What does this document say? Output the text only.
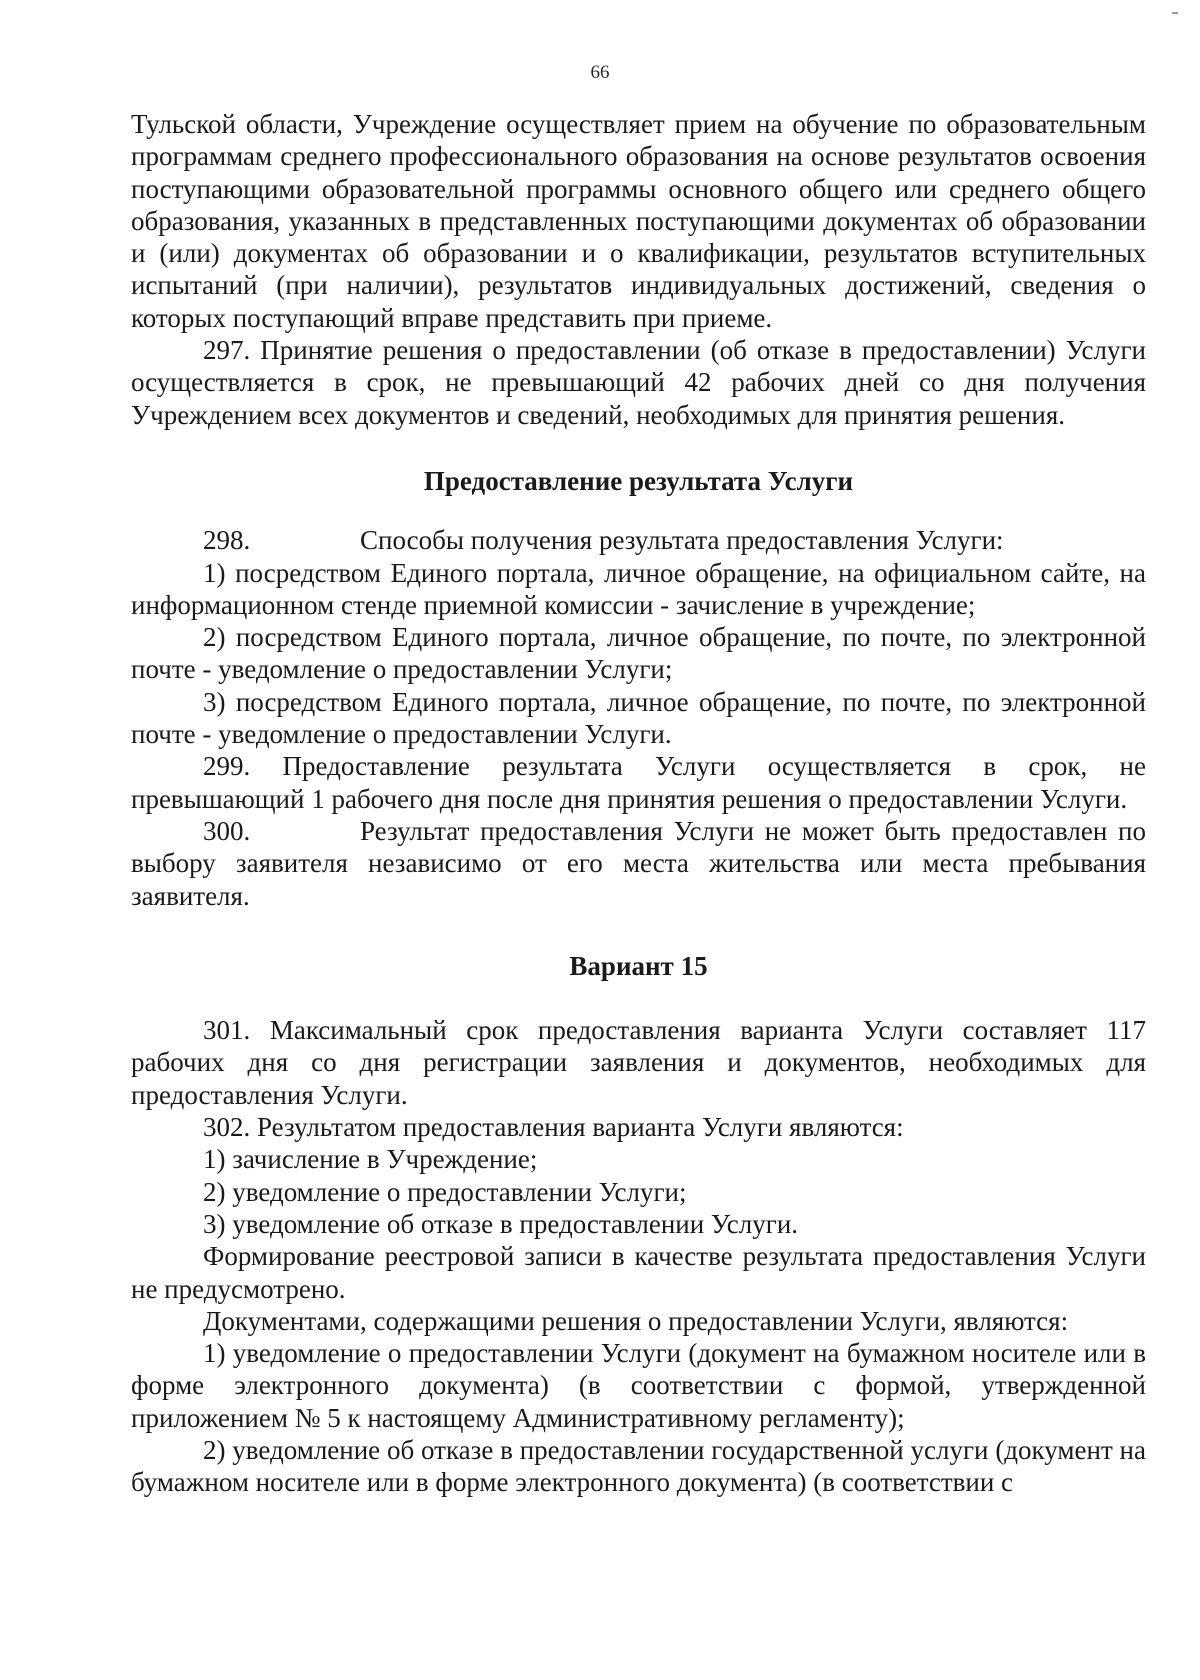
66

Тульской области, Учреждение осуществляет прием на обучение по образовательным программам среднего профессионального образования на основе результатов освоения поступающими образовательной программы основного общего или среднего общего образования, указанных в представленных поступающими документах об образовании и (или) документах об образовании и о квалификации, результатов вступительных испытаний (при наличии), результатов индивидуальных достижений, сведения о которых поступающий вправе представить при приеме.

297. Принятие решения о предоставлении (об отказе в предоставлении) Услуги осуществляется в срок, не превышающий 42 рабочих дней со дня получения Учреждением всех документов и сведений, необходимых для принятия решения.

Предоставление результата Услуги

298.	Способы получения результата предоставления Услуги:

1) посредством Единого портала, личное обращение, на официальном сайте, на информационном стенде приемной комиссии - зачисление в учреждение;

2) посредством Единого портала, личное обращение, по почте, по электронной почте - уведомление о предоставлении Услуги;

3) посредством Единого портала, личное обращение, по почте, по электронной почте - уведомление о предоставлении Услуги.

299. Предоставление результата Услуги осуществляется в срок, не превышающий 1 рабочего дня после дня принятия решения о предоставлении Услуги.

300.	Результат предоставления Услуги не может быть предоставлен по выбору заявителя независимо от его места жительства или места пребывания заявителя.

Вариант 15

301. Максимальный срок предоставления варианта Услуги составляет 117 рабочих дня со дня регистрации заявления и документов, необходимых для предоставления Услуги.

302. Результатом предоставления варианта Услуги являются:

1) зачисление в Учреждение;

2) уведомление о предоставлении Услуги;

3) уведомление об отказе в предоставлении Услуги.

Формирование реестровой записи в качестве результата предоставления Услуги не предусмотрено.

Документами, содержащими решения о предоставлении Услуги, являются:

1) уведомление о предоставлении Услуги (документ на бумажном носителе или в форме электронного документа) (в соответствии с формой, утвержденной приложением № 5 к настоящему Административному регламенту);

2) уведомление об отказе в предоставлении государственной услуги (документ на бумажном носителе или в форме электронного документа) (в соответствии с
